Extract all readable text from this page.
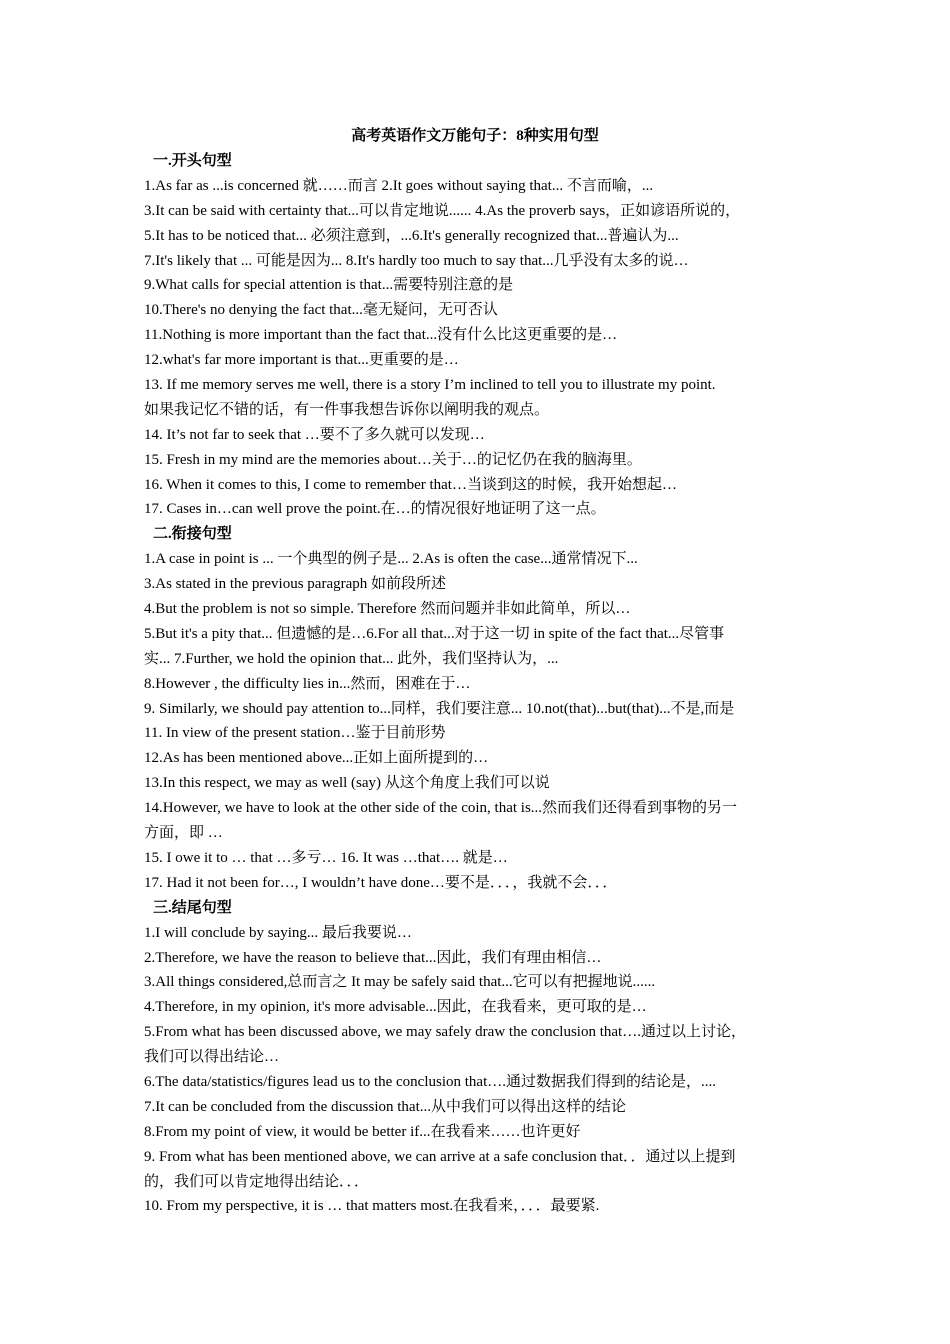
高考英语作文万能句子：8种实用句型
一.开头句型
1.As far as ...is concerned 就……而言 2.It goes without saying that... 不言而喻，...
3.It can be said with certainty that...可以肯定地说...... 4.As the proverb says，正如谚语所说的，
5.It has to be noticed that... 必须注意到，...6.It's generally recognized that...普遍认为...
7.It's likely that ... 可能是因为... 8.It's hardly too much to say that...几乎没有太多的说…
9.What calls for special attention is that...需要特别注意的是
10.There's no denying the fact that...毫无疑问，无可否认
11.Nothing is more important than the fact that...没有什么比这更重要的是…
12.what's far more important is that...更重要的是…
13. If me memory serves me well, there is a story I’m inclined to tell you to illustrate my point.
如果我记忆不错的话，有一件事我想告诉你以阐明我的观点。
14. It’s not far to seek that …要不了多久就可以发现…
15. Fresh in my mind are the memories about…关于…的记忆仍在我的脑海里。
16. When it comes to this, I come to remember that…当谈到这的时候，我开始想起…
17. Cases in…can well prove the point.在…的情况很好地证明了这一点。
二.衔接句型
1.A case in point is ... 一个典型的例子是... 2.As is often the case...通常情况下...
3.As stated in the previous paragraph 如前段所述
4.But the problem is not so simple. Therefore 然而问题并非如此简单，所以…
5.But it's a pity that... 但遗憾的是…6.For all that...对于这一切 in spite of the fact that...尽管事
实... 7.Further, we hold the opinion that... 此外，我们坚持认为，...
8.However , the difficulty lies in...然而，困难在于…
9. Similarly, we should pay attention to...同样，我们要注意... 10.not(that)...but(that)...不是,而是
11. In view of the present station…鉴于目前形势
12.As has been mentioned above...正如上面所提到的…
13.In this respect, we may as well (say) 从这个角度上我们可以说
14.However, we have to look at the other side of the coin, that is...然而我们还得看到事物的另一
方面，即 …
15. I owe it to … that …多亏… 16. It was …that…. 就是…
17. Had it not been for…, I wouldn’t have done…要不是．．．，我就不会．．．
三.结尾句型
1.I will conclude by saying... 最后我要说…
2.Therefore, we have the reason to believe that...因此，我们有理由相信…
3.All things considered,总而言之 It may be safely said that...它可以有把握地说......
4.Therefore, in my opinion, it's more advisable...因此，在我看来，更可取的是…
5.From what has been discussed above, we may safely draw the conclusion that….通过以上讨论，
我们可以得出结论…
6.The data/statistics/figures lead us to the conclusion that….通过数据我们得到的结论是，....
7.It can be concluded from the discussion that...从中我们可以得出这样的结论
8.From my point of view, it would be better if...在我看来……也许更好
9. From what has been mentioned above, we can arrive at a safe conclusion that．．通过以上提到
的，我们可以肯定地得出结论．．．
10. From my perspective, it is … that matters most.在我看来，．．．最要紧.
